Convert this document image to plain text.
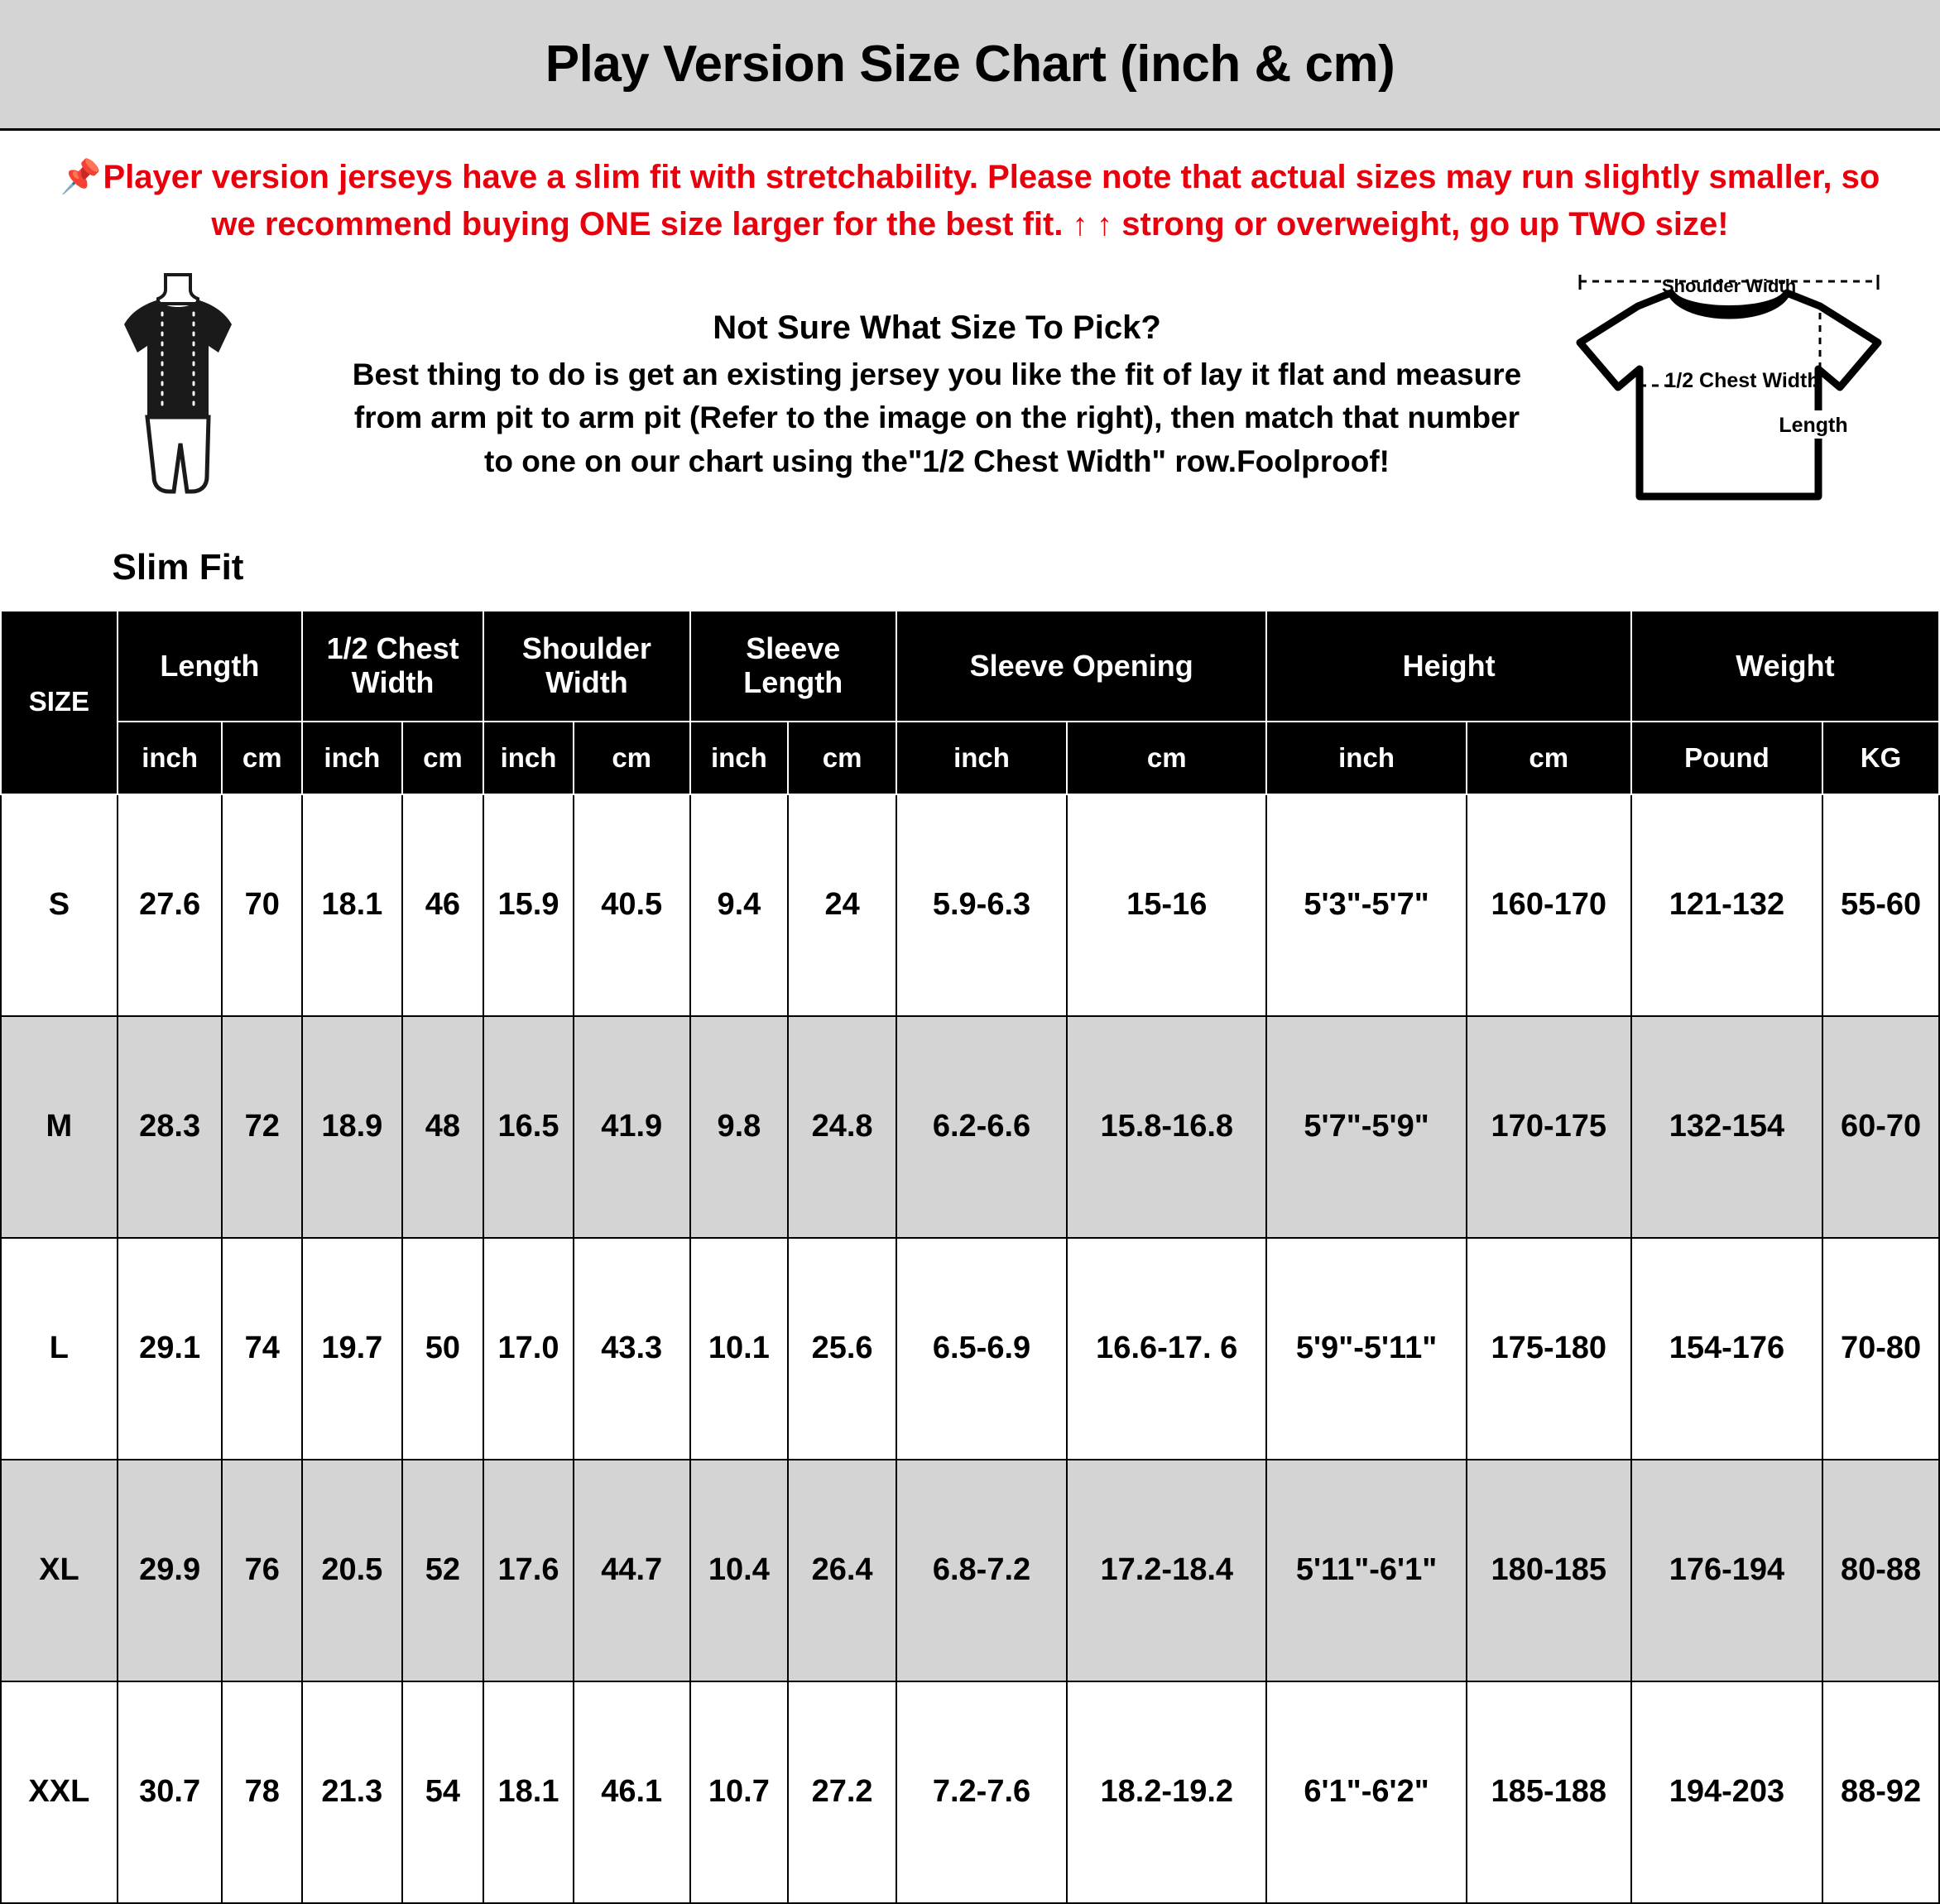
Play Version Size Chart (inch & cm)
📌Player version jerseys have a slim fit with stretchability. Please note that actual sizes may run slightly smaller, so we recommend buying ONE size larger for the best fit. ↑ ↑ strong or overweight, go up TWO size!
Slim Fit
Not Sure What Size To Pick?
Best thing to do is get an existing jersey you like the fit of lay it flat and measure from arm pit to arm pit (Refer to the image on the right), then match that number to one on our chart using the"1/2 Chest Width" row.Foolproof!
1/2 Chest Width
Length
Shoulder Width
SIZE	Length		1/2 Chest Width		Shoulder Width		Sleeve Length		Sleeve Opening		Height		Weight	
	inch	cm	inch	cm	inch	cm	inch	cm	inch	cm	inch	cm	Pound	KG
S	27.6	70	18.1	46	15.9	40.5	9.4	24	5.9-6.3	15-16	5'3"-5'7"	160-170	121-132	55-60
M	28.3	72	18.9	48	16.5	41.9	9.8	24.8	6.2-6.6	15.8-16.8	5'7"-5'9"	170-175	132-154	60-70
L	29.1	74	19.7	50	17.0	43.3	10.1	25.6	6.5-6.9	16.6-17. 6	5'9"-5'11"	175-180	154-176	70-80
XL	29.9	76	20.5	52	17.6	44.7	10.4	26.4	6.8-7.2	17.2-18.4	5'11"-6'1"	180-185	176-194	80-88
XXL	30.7	78	21.3	54	18.1	46.1	10.7	27.2	7.2-7.6	18.2-19.2	6'1"-6'2"	185-188	194-203	88-92
